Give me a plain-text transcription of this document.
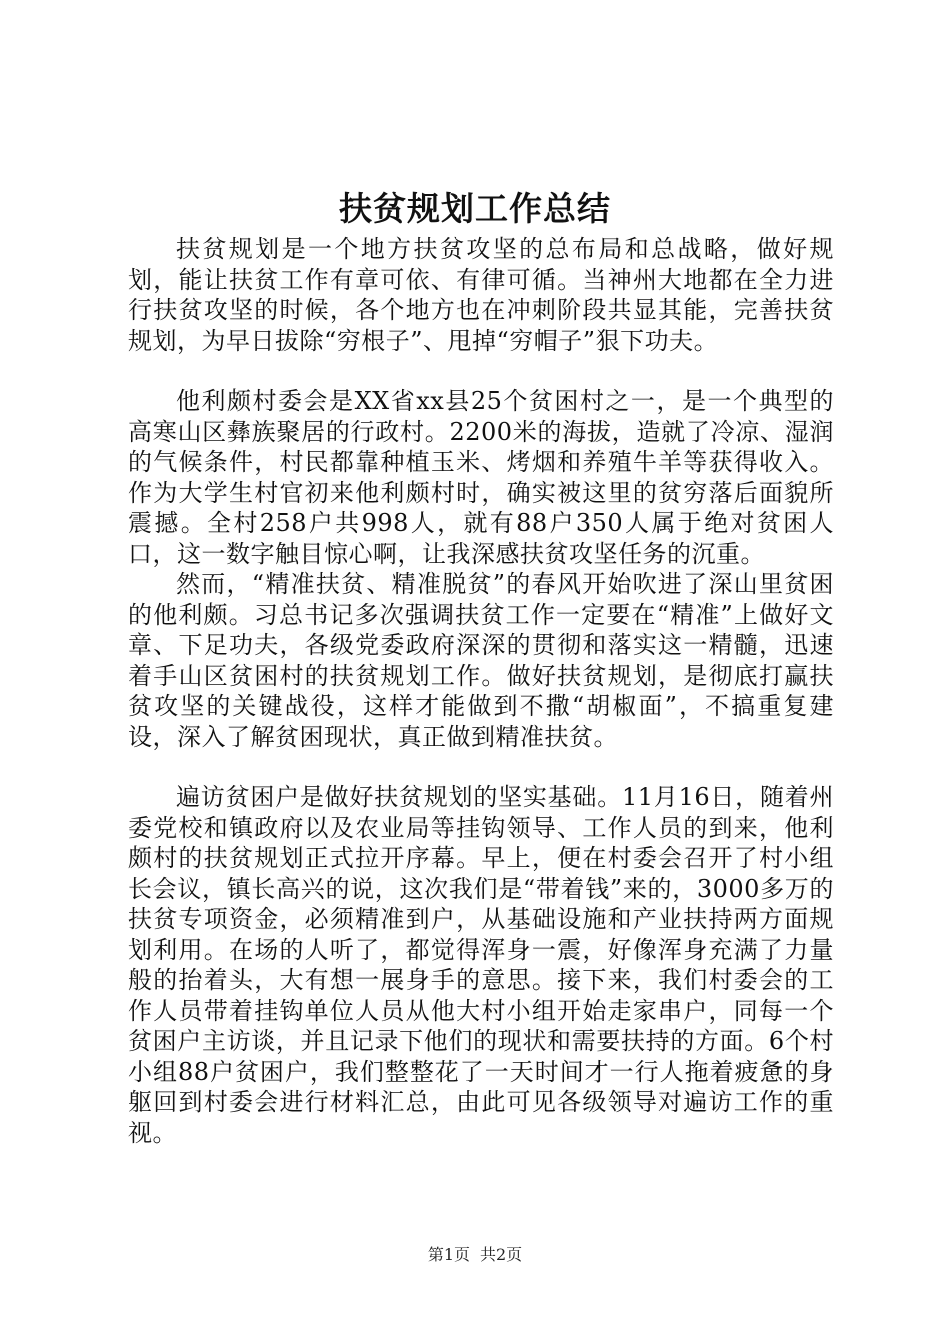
扶贫规划工作总结

扶贫规划是一个地方扶贫攻坚的总布局和总战略，做好规划，能让扶贫工作有章可依、有律可循。当神州大地都在全力进行扶贫攻坚的时候，各个地方也在冲刺阶段共显其能，完善扶贫规划，为早日拔除“穷根子”、甩掉“穷帽子”狠下功夫。

他利颇村委会是XX省xx县25个贫困村之一，是一个典型的高寒山区彝族聚居的行政村。2200米的海拔，造就了冷凉、湿润的气候条件，村民都靠种植玉米、烤烟和养殖牛羊等获得收入。作为大学生村官初来他利颇村时，确实被这里的贫穷落后面貌所震撼。全村258户共998人，就有88户350人属于绝对贫困人口，这一数字触目惊心啊，让我深感扶贫攻坚任务的沉重。

然而，“精准扶贫、精准脱贫”的春风开始吹进了深山里贫困的他利颇。习总书记多次强调扶贫工作一定要在“精准”上做好文章、下足功夫，各级党委政府深深的贯彻和落实这一精髓，迅速着手山区贫困村的扶贫规划工作。做好扶贫规划，是彻底打赢扶贫攻坚的关键战役，这样才能做到不撒“胡椒面”，不搞重复建设，深入了解贫困现状，真正做到精准扶贫。

遍访贫困户是做好扶贫规划的坚实基础。11月16日，随着州委党校和镇政府以及农业局等挂钩领导、工作人员的到来，他利颇村的扶贫规划正式拉开序幕。早上，便在村委会召开了村小组长会议，镇长高兴的说，这次我们是“带着钱”来的，3000多万的扶贫专项资金，必须精准到户，从基础设施和产业扶持两方面规划利用。在场的人听了，都觉得浑身一震，好像浑身充满了力量般的抬着头，大有想一展身手的意思。接下来，我们村委会的工作人员带着挂钩单位人员从他大村小组开始走家串户，同每一个贫困户主访谈，并且记录下他们的现状和需要扶持的方面。6个村小组88户贫困户，我们整整花了一天时间才一行人拖着疲惫的身躯回到村委会进行材料汇总，由此可见各级领导对遍访工作的重视。

第1页 共2页
